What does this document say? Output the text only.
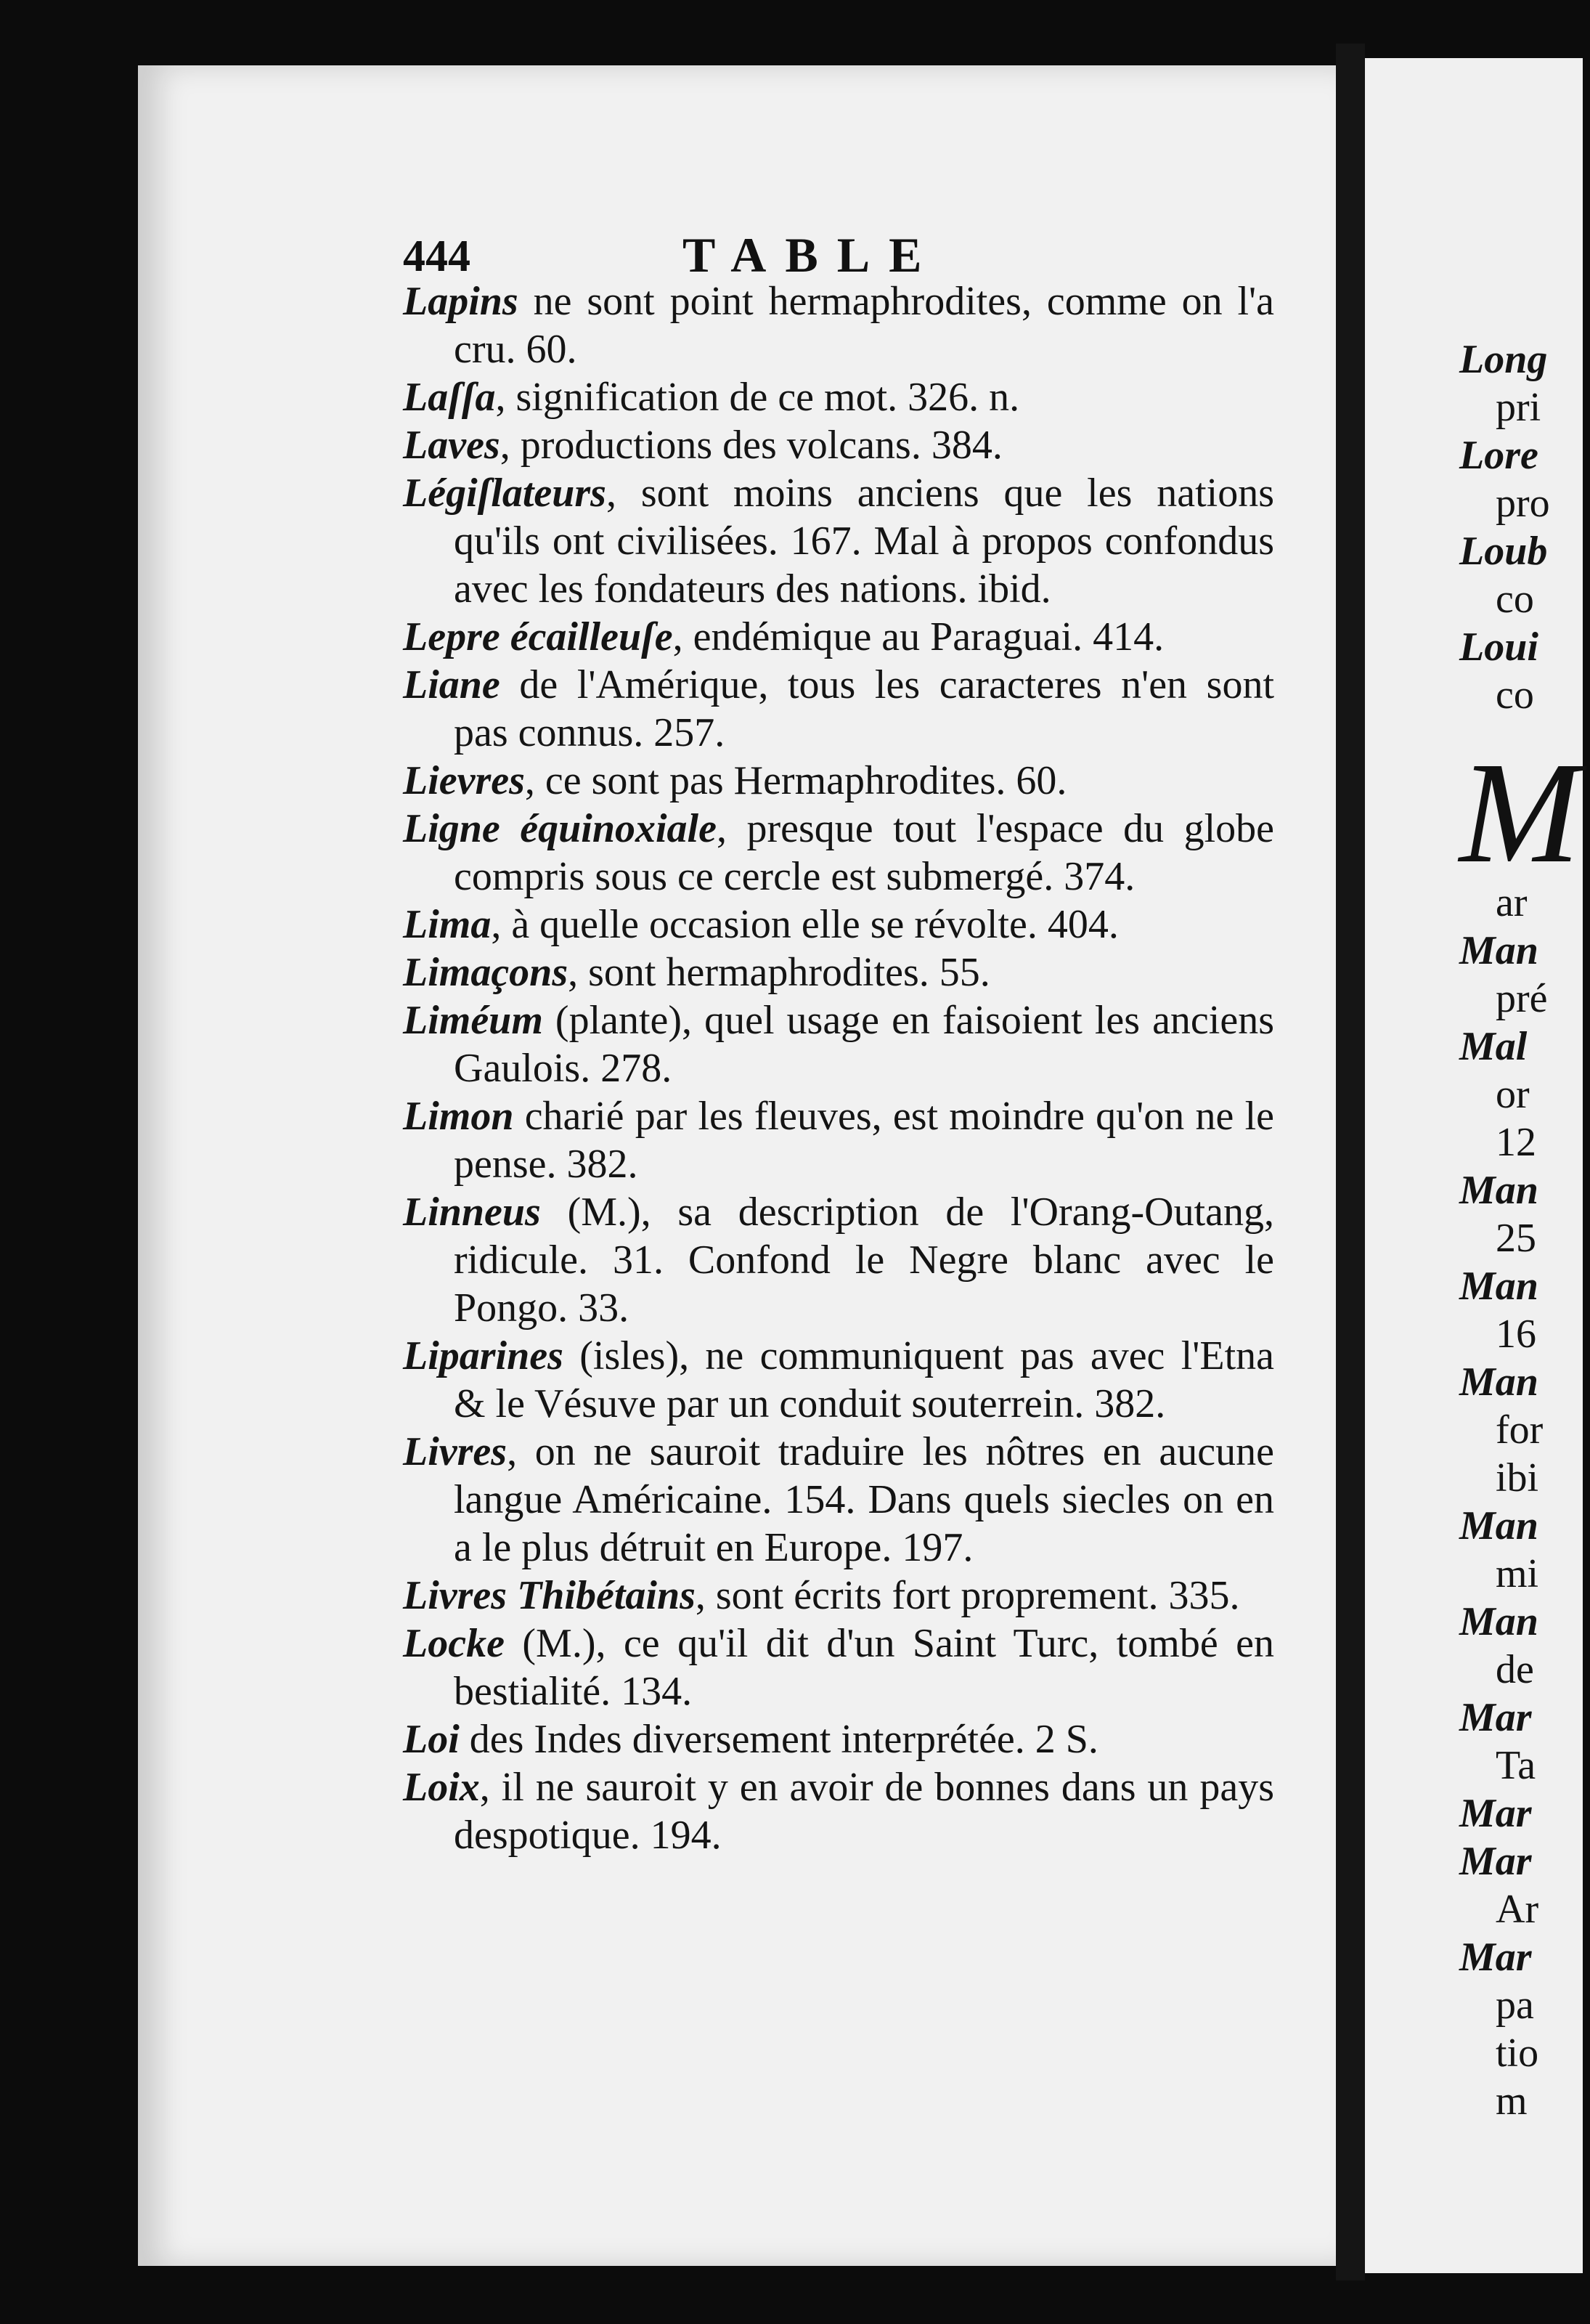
Long
pri
Lore
pro
Loub
co
Loui
co
M
ar
Man
pré
Mal
or
12
Man
25
Man
16
Man
for
ibi
Man
mi
Man
de
Mar
Ta
Mar
Mar
Ar
Mar
pa
tio
m
444	TABLE
Lapins ne sont point hermaphrodites, comme on l'a cru. 60.
Laſſa, signification de ce mot. 326. n.
Laves, productions des volcans. 384.
Légiſlateurs, sont moins anciens que les nations qu'ils ont civilisées. 167. Mal à propos confondus avec les fondateurs des nations. ibid.
Lepre écailleuſe, endémique au Paraguai. 414.
Liane de l'Amérique, tous les caracteres n'en sont pas connus. 257.
Lievres, ce sont pas Hermaphrodites. 60.
Ligne équinoxiale, presque tout l'espace du globe compris sous ce cercle est submergé. 374.
Lima, à quelle occasion elle se révolte. 404.
Limaçons, sont hermaphrodites. 55.
Liméum (plante), quel usage en faisoient les anciens Gaulois. 278.
Limon charié par les fleuves, est moindre qu'on ne le pense. 382.
Linneus (M.), sa description de l'Orang-Outang, ridicule. 31. Confond le Negre blanc avec le Pongo. 33.
Liparines (isles), ne communiquent pas avec l'Etna & le Vésuve par un conduit souterrein. 382.
Livres, on ne sauroit traduire les nôtres en aucune langue Américaine. 154. Dans quels siecles on en a le plus détruit en Europe. 197.
Livres Thibétains, sont écrits fort proprement. 335.
Locke (M.), ce qu'il dit d'un Saint Turc, tombé en bestialité. 134.
Loi des Indes diversement interprétée. 2 S.
Loix, il ne sauroit y en avoir de bonnes dans un pays despotique. 194.
